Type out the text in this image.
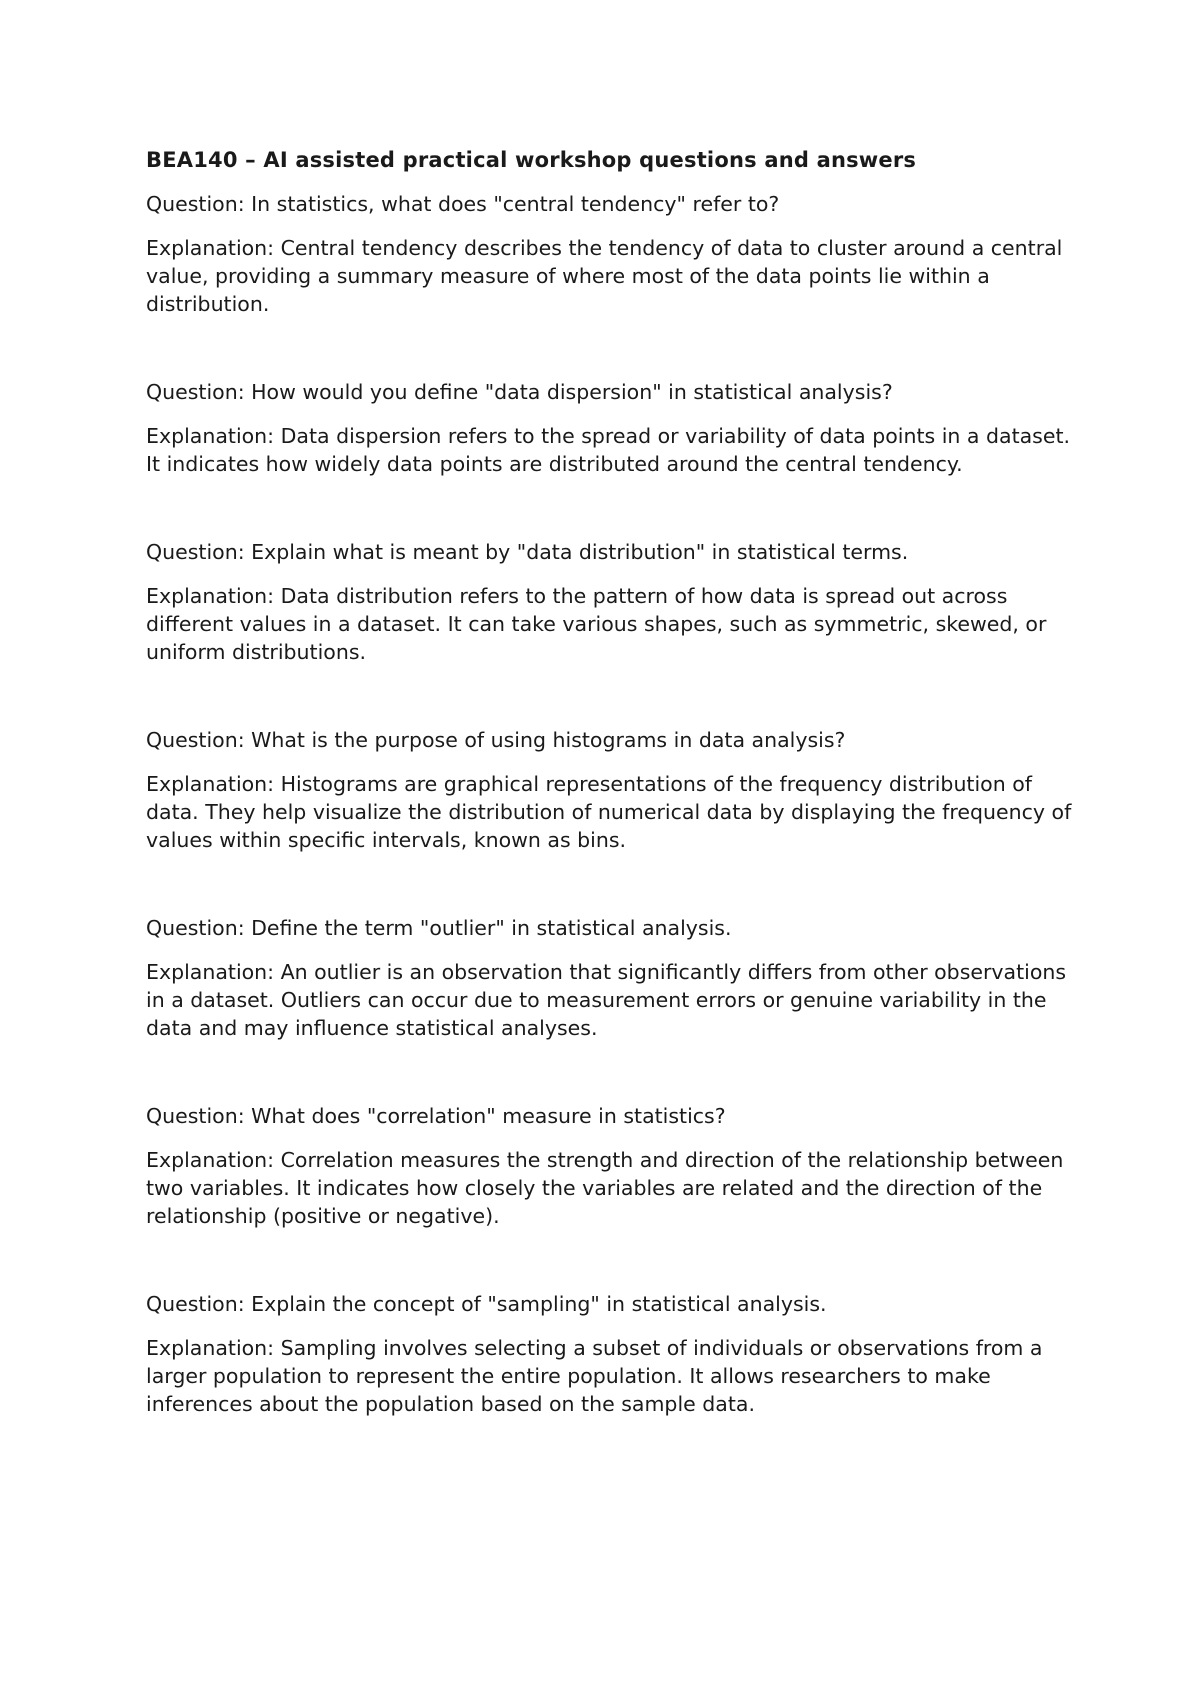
BEA140 – AI assisted practical workshop questions and answers

Question: In statistics, what does "central tendency" refer to?

Explanation: Central tendency describes the tendency of data to cluster around a central value, providing a summary measure of where most of the data points lie within a distribution.

Question: How would you define "data dispersion" in statistical analysis?

Explanation: Data dispersion refers to the spread or variability of data points in a dataset. It indicates how widely data points are distributed around the central tendency.

Question: Explain what is meant by "data distribution" in statistical terms.

Explanation: Data distribution refers to the pattern of how data is spread out across different values in a dataset. It can take various shapes, such as symmetric, skewed, or uniform distributions.

Question: What is the purpose of using histograms in data analysis?

Explanation: Histograms are graphical representations of the frequency distribution of data. They help visualize the distribution of numerical data by displaying the frequency of values within specific intervals, known as bins.

Question: Define the term "outlier" in statistical analysis.

Explanation: An outlier is an observation that significantly differs from other observations in a dataset. Outliers can occur due to measurement errors or genuine variability in the data and may influence statistical analyses.

Question: What does "correlation" measure in statistics?

Explanation: Correlation measures the strength and direction of the relationship between two variables. It indicates how closely the variables are related and the direction of the relationship (positive or negative).

Question: Explain the concept of "sampling" in statistical analysis.

Explanation: Sampling involves selecting a subset of individuals or observations from a larger population to represent the entire population. It allows researchers to make inferences about the population based on the sample data.
